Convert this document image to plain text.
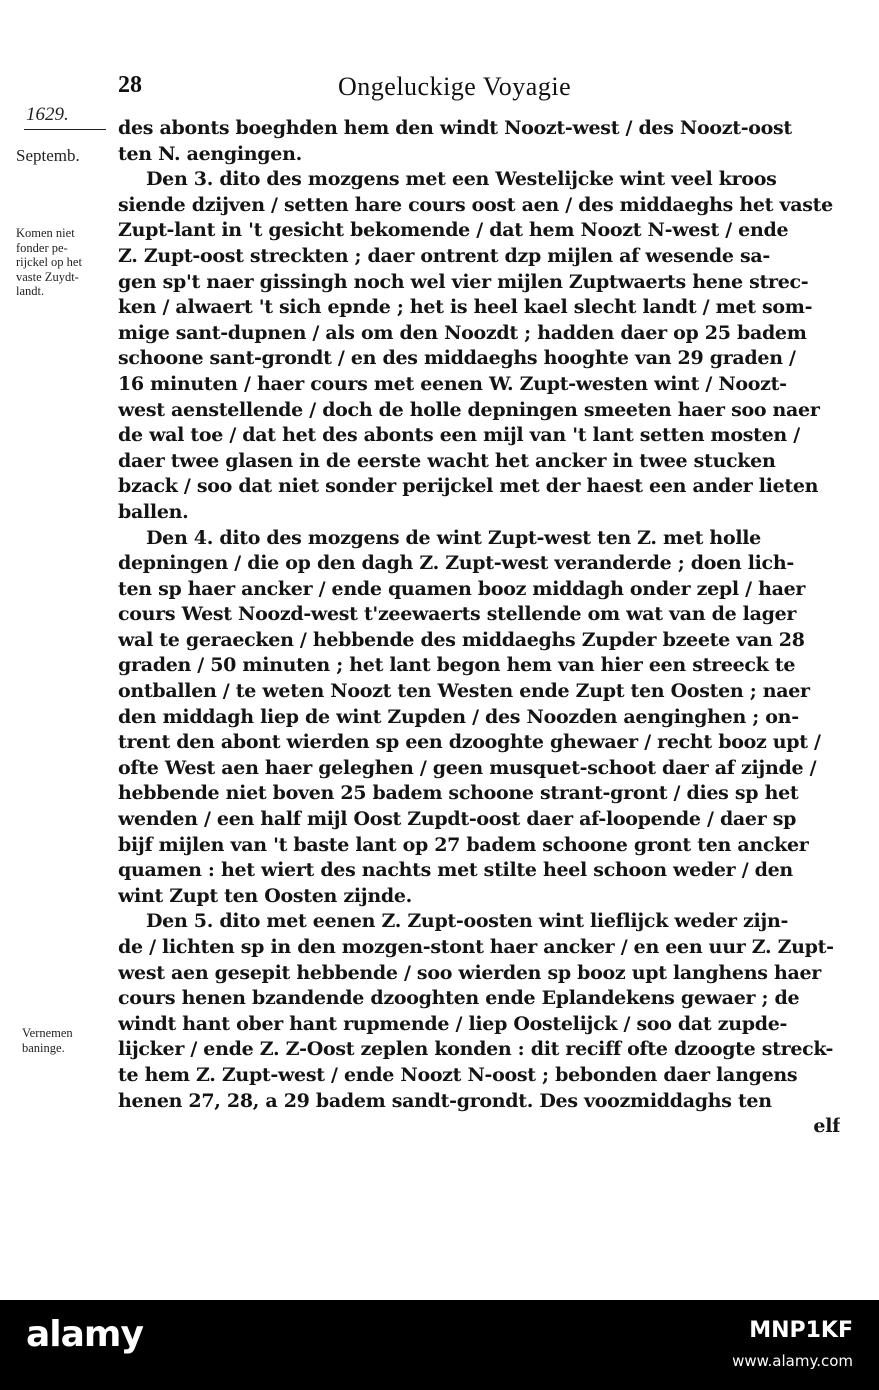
28	Ongeluckige Voyagie
1629.
Septemb.
Komen niet
fonder pe-
rijckel op het
vaste Zuydt-
landt.
Vernemen
baninge.
des abonts boeghden hem den windt Noozt-west / des Noozt-oost
ten N. aengingen.
Den 3. dito des mozgens met een Westelijcke wint veel kroos
siende dzijven / setten hare cours oost aen / des middaeghs het vaste
Zupt-lant in 't gesicht bekomende / dat hem Noozt N-west / ende
Z. Zupt-oost streckten ; daer ontrent dzp mijlen af wesende sa-
gen sp't naer gissingh noch wel vier mijlen Zuptwaerts hene strec-
ken / alwaert 't sich epnde ; het is heel kael slecht landt / met som-
mige sant-dupnen / als om den Noozdt ; hadden daer op 25 badem
schoone sant-grondt / en des middaeghs hooghte van 29 graden /
16 minuten / haer cours met eenen W. Zupt-westen wint / Noozt-
west aenstellende / doch de holle depningen smeeten haer soo naer
de wal toe / dat het des abonts een mijl van 't lant setten mosten /
daer twee glasen in de eerste wacht het ancker in twee stucken
bzack / soo dat niet sonder perijckel met der haest een ander lieten
ballen.
Den 4. dito des mozgens de wint Zupt-west ten Z. met holle
depningen / die op den dagh Z. Zupt-west veranderde ; doen lich-
ten sp haer ancker / ende quamen booz middagh onder zepl / haer
cours West Noozd-west t'zeewaerts stellende om wat van de lager
wal te geraecken / hebbende des middaeghs Zupder bzeete van 28
graden / 50 minuten ; het lant begon hem van hier een streeck te
ontballen / te weten Noozt ten Westen ende Zupt ten Oosten ; naer
den middagh liep de wint Zupden / des Noozden aenginghen ; on-
trent den abont wierden sp een dzooghte ghewaer / recht booz upt /
ofte West aen haer geleghen / geen musquet-schoot daer af zijnde /
hebbende niet boven 25 badem schoone strant-gront / dies sp het
wenden / een half mijl Oost Zupdt-oost daer af-loopende / daer sp
bijf mijlen van 't baste lant op 27 badem schoone gront ten ancker
quamen : het wiert des nachts met stilte heel schoon weder / den
wint Zupt ten Oosten zijnde.
Den 5. dito met eenen Z. Zupt-oosten wint lieflijck weder zijn-
de / lichten sp in den mozgen-stont haer ancker / en een uur Z. Zupt-
west aen gesepit hebbende / soo wierden sp booz upt langhens haer
cours henen bzandende dzooghten ende Eplandekens gewaer ; de
windt hant ober hant rupmende / liep Oostelijck / soo dat zupde-
lijcker / ende Z. Z-Oost zeplen konden : dit reciff ofte dzoogte streck-
te hem Z. Zupt-west / ende Noozt N-oost ; bebonden daer langens
henen 27, 28, a 29 badem sandt-grondt. Des voozmiddaghs ten
elf
alamy	MNP1KF
www.alamy.com
